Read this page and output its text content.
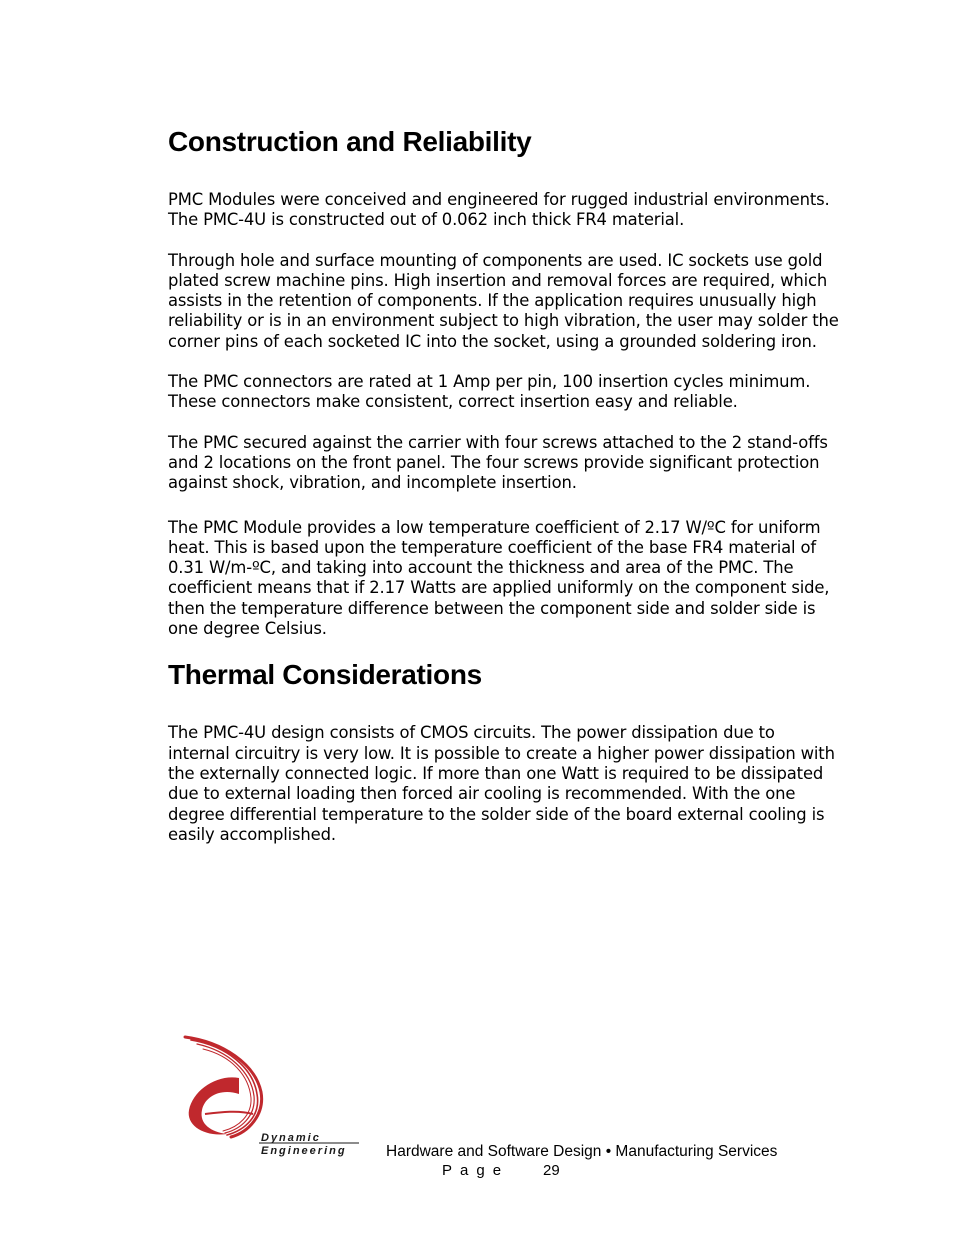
Construction and Reliability

PMC Modules were conceived and engineered for rugged industrial environments. The PMC-4U is constructed out of 0.062 inch thick FR4 material.

Through hole and surface mounting of components are used. IC sockets use gold plated screw machine pins. High insertion and removal forces are required, which assists in the retention of components. If the application requires unusually high reliability or is in an environment subject to high vibration, the user may solder the corner pins of each socketed IC into the socket, using a grounded soldering iron.

The PMC connectors are rated at 1 Amp per pin, 100 insertion cycles minimum. These connectors make consistent, correct insertion easy and reliable.

The PMC secured against the carrier with four screws attached to the 2 stand-offs and 2 locations on the front panel. The four screws provide significant protection against shock, vibration, and incomplete insertion.

The PMC Module provides a low temperature coefficient of 2.17 W/ºC for uniform heat. This is based upon the temperature coefficient of the base FR4 material of 0.31 W/m-ºC, and taking into account the thickness and area of the PMC. The coefficient means that if 2.17 Watts are applied uniformly on the component side, then the temperature difference between the component side and solder side is one degree Celsius.

Thermal Considerations

The PMC-4U design consists of CMOS circuits. The power dissipation due to internal circuitry is very low. It is possible to create a higher power dissipation with the externally connected logic. If more than one Watt is required to be dissipated due to external loading then forced air cooling is recommended. With the one degree differential temperature to the solder side of the board external cooling is easily accomplished.

Dynamic
Engineering	Hardware and Software Design • Manufacturing Services
Page 29
